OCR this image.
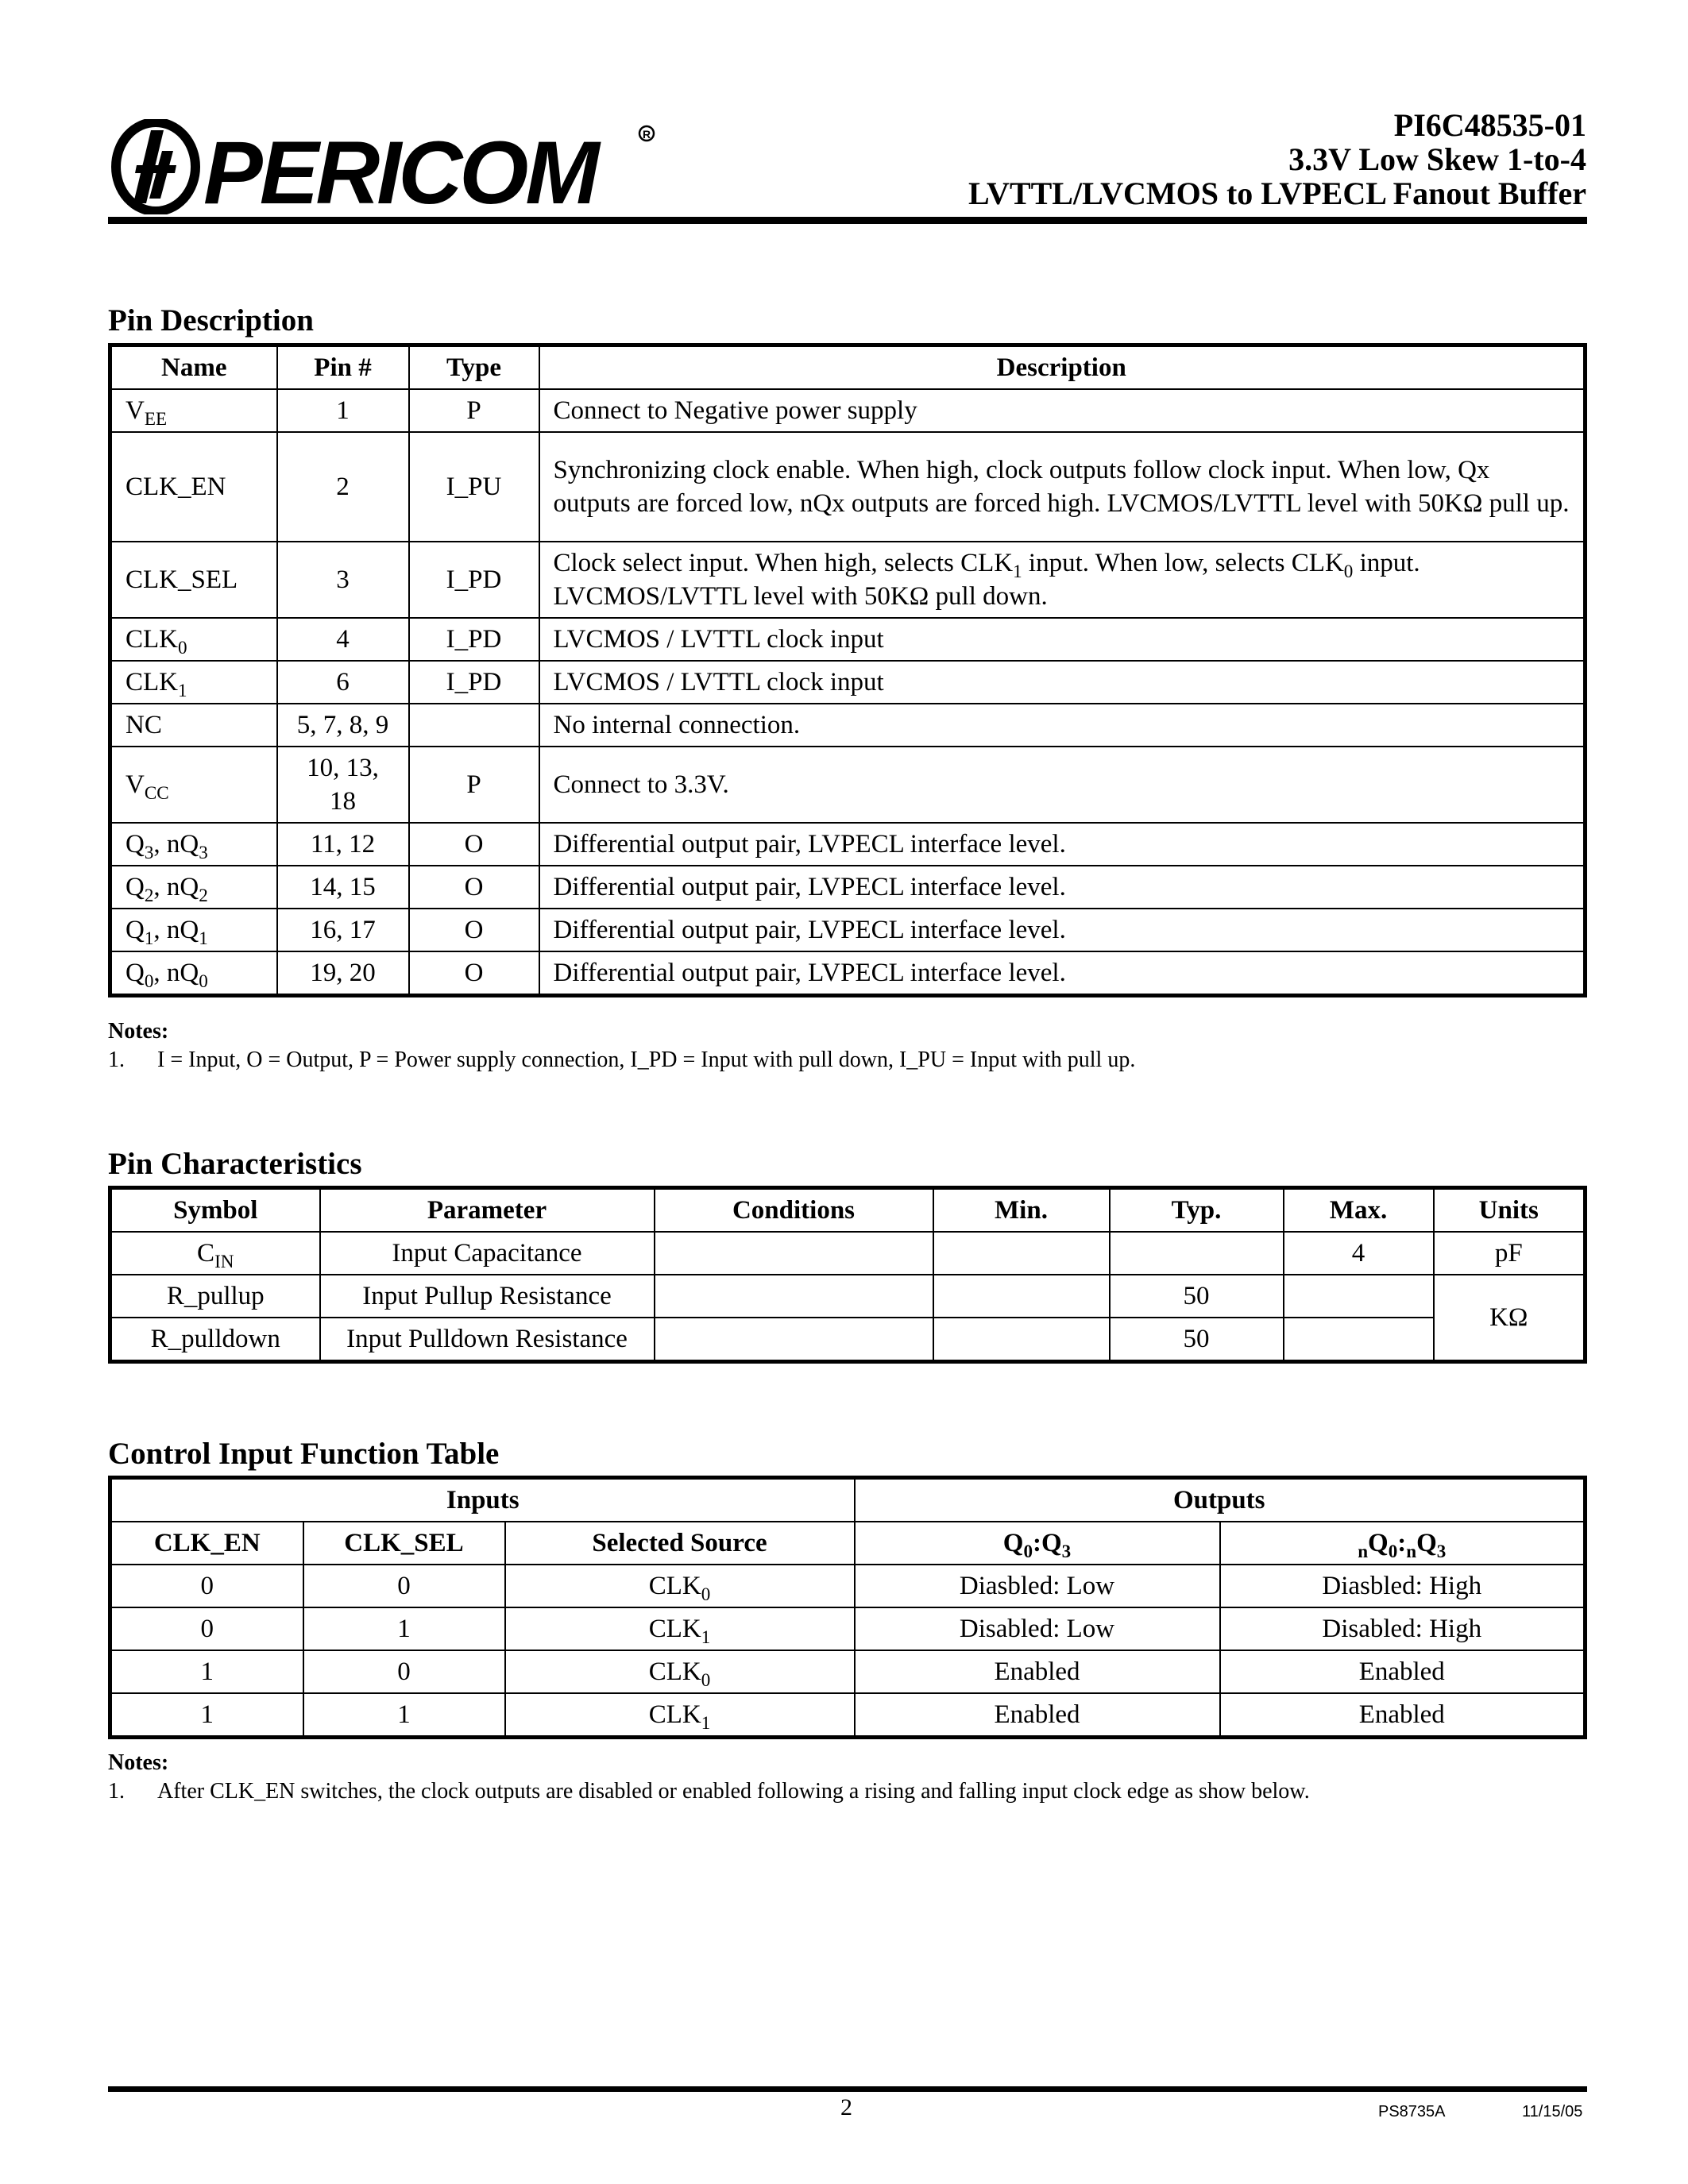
PERICOM	R	PI6C48535-01
3.3V Low Skew 1-to-4
LVTTL/LVCMOS to LVPECL Fanout Buffer
Pin Description
Name	Pin #	Type	Description
$V_{EE}$	1	P	Connect to Negative power supply
CLK_EN	2	I_PU	Synchronizing clock enable. When high, clock outputs follow clock input. When low, Qx outputs are forced low, nQx outputs are forced high. LVCMOS/LVTTL level with 50KΩ pull up.
CLK_SEL	3	I_PD	Clock select input. When high, selects $CLK_1$ input. When low, selects $CLK_0$ input. LVCMOS/LVTTL level with 50KΩ pull down.
$CLK_0$	4	I_PD	LVCMOS / LVTTL clock input
$CLK_1$	6	I_PD	LVCMOS / LVTTL clock input
NC	5, 7, 8, 9		No internal connection.
$V_{CC}$	10, 13, 18	P	Connect to 3.3V.
$Q_3$, $nQ_3$	11, 12	O	Differential output pair, LVPECL interface level.
$Q_2$, $nQ_2$	14, 15	O	Differential output pair, LVPECL interface level.
$Q_1$, $nQ_1$	16, 17	O	Differential output pair, LVPECL interface level.
$Q_0$, $nQ_0$	19, 20	O	Differential output pair, LVPECL interface level.
Notes:
1.	I = Input, O = Output, P = Power supply connection, I_PD = Input with pull down, I_PU = Input with pull up.
Pin Characteristics
Symbol	Parameter	Conditions	Min.	Typ.	Max.	Units
$C_{IN}$	Input Capacitance				4	pF
R_pullup	Input Pullup Resistance			50		KΩ
R_pulldown	Input Pulldown Resistance			50		
Control Input Function Table
Inputs			Outputs	
CLK_EN	CLK_SEL	Selected Source	$Q_0:Q_3$	$_nQ_0:_nQ_3$
0	0	$CLK_0$	Diasbled: Low	Diasbled: High
0	1	$CLK_1$	Disabled: Low	Disabled: High
1	0	$CLK_0$	Enabled	Enabled
1	1	$CLK_1$	Enabled	Enabled
Notes:
1.	After CLK_EN switches, the clock outputs are disabled or enabled following a rising and falling input clock edge as show below.
2	PS8735A	11/15/05
